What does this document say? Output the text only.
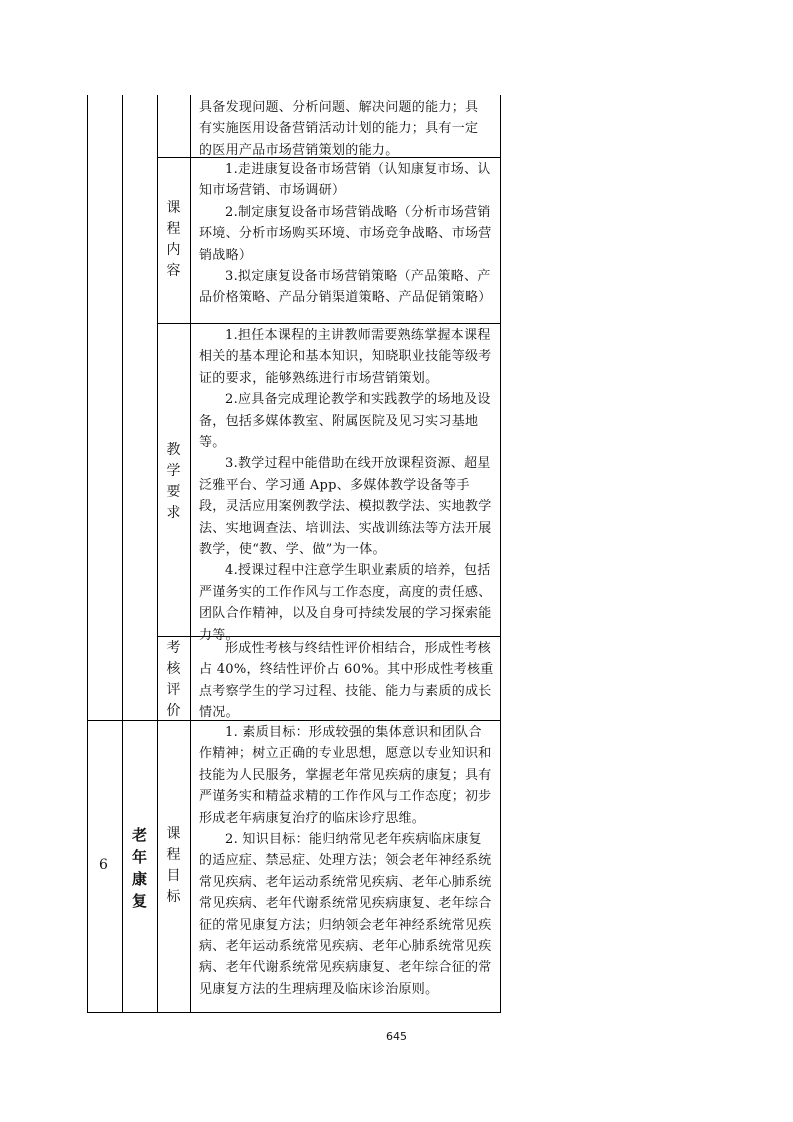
具备发现问题、分析问题、解决问题的能力；具

有实施医用设备营销活动计划的能力；具有一定

的医用产品市场营销策划的能力。

课
程
内
容

1.走进康复设备市场营销（认知康复市场、认知市场营销、市场调研）

2.制定康复设备市场营销战略（分析市场营销环境、分析市场购买环境、市场竞争战略、市场营销战略）

3.拟定康复设备市场营销策略（产品策略、产品价格策略、产品分销渠道策略、产品促销策略）

教
学
要
求

1.担任本课程的主讲教师需要熟练掌握本课程相关的基本理论和基本知识，知晓职业技能等级考证的要求，能够熟练进行市场营销策划。

2.应具备完成理论教学和实践教学的场地及设备，包括多媒体教室、附属医院及见习实习基地等。

3.教学过程中能借助在线开放课程资源、超星泛雅平台、学习通 App、多媒体教学设备等手段，灵活应用案例教学法、模拟教学法、实地教学法、实地调查法、培训法、实战训练法等方法开展教学，使“教、学、做”为一体。

4.授课过程中注意学生职业素质的培养，包括严谨务实的工作作风与工作态度，高度的责任感、团队合作精神，以及自身可持续发展的学习探索能力等。

考
核
评
价

形成性考核与终结性评价相结合，形成性考核占 40%，终结性评价占 60%。其中形成性考核重点考察学生的学习过程、技能、能力与素质的成长情况。

6
老
年
康
复
课
程
目
标

1. 素质目标：形成较强的集体意识和团队合作精神；树立正确的专业思想，愿意以专业知识和技能为人民服务，掌握老年常见疾病的康复；具有严谨务实和精益求精的工作作风与工作态度；初步形成老年病康复治疗的临床诊疗思维。

2. 知识目标：能归纳常见老年疾病临床康复的适应症、禁忌症、处理方法；领会老年神经系统常见疾病、老年运动系统常见疾病、老年心肺系统常见疾病、老年代谢系统常见疾病康复、老年综合征的常见康复方法；归纳领会老年神经系统常见疾病、老年运动系统常见疾病、老年心肺系统常见疾病、老年代谢系统常见疾病康复、老年综合征的常见康复方法的生理病理及临床诊治原则。

645
